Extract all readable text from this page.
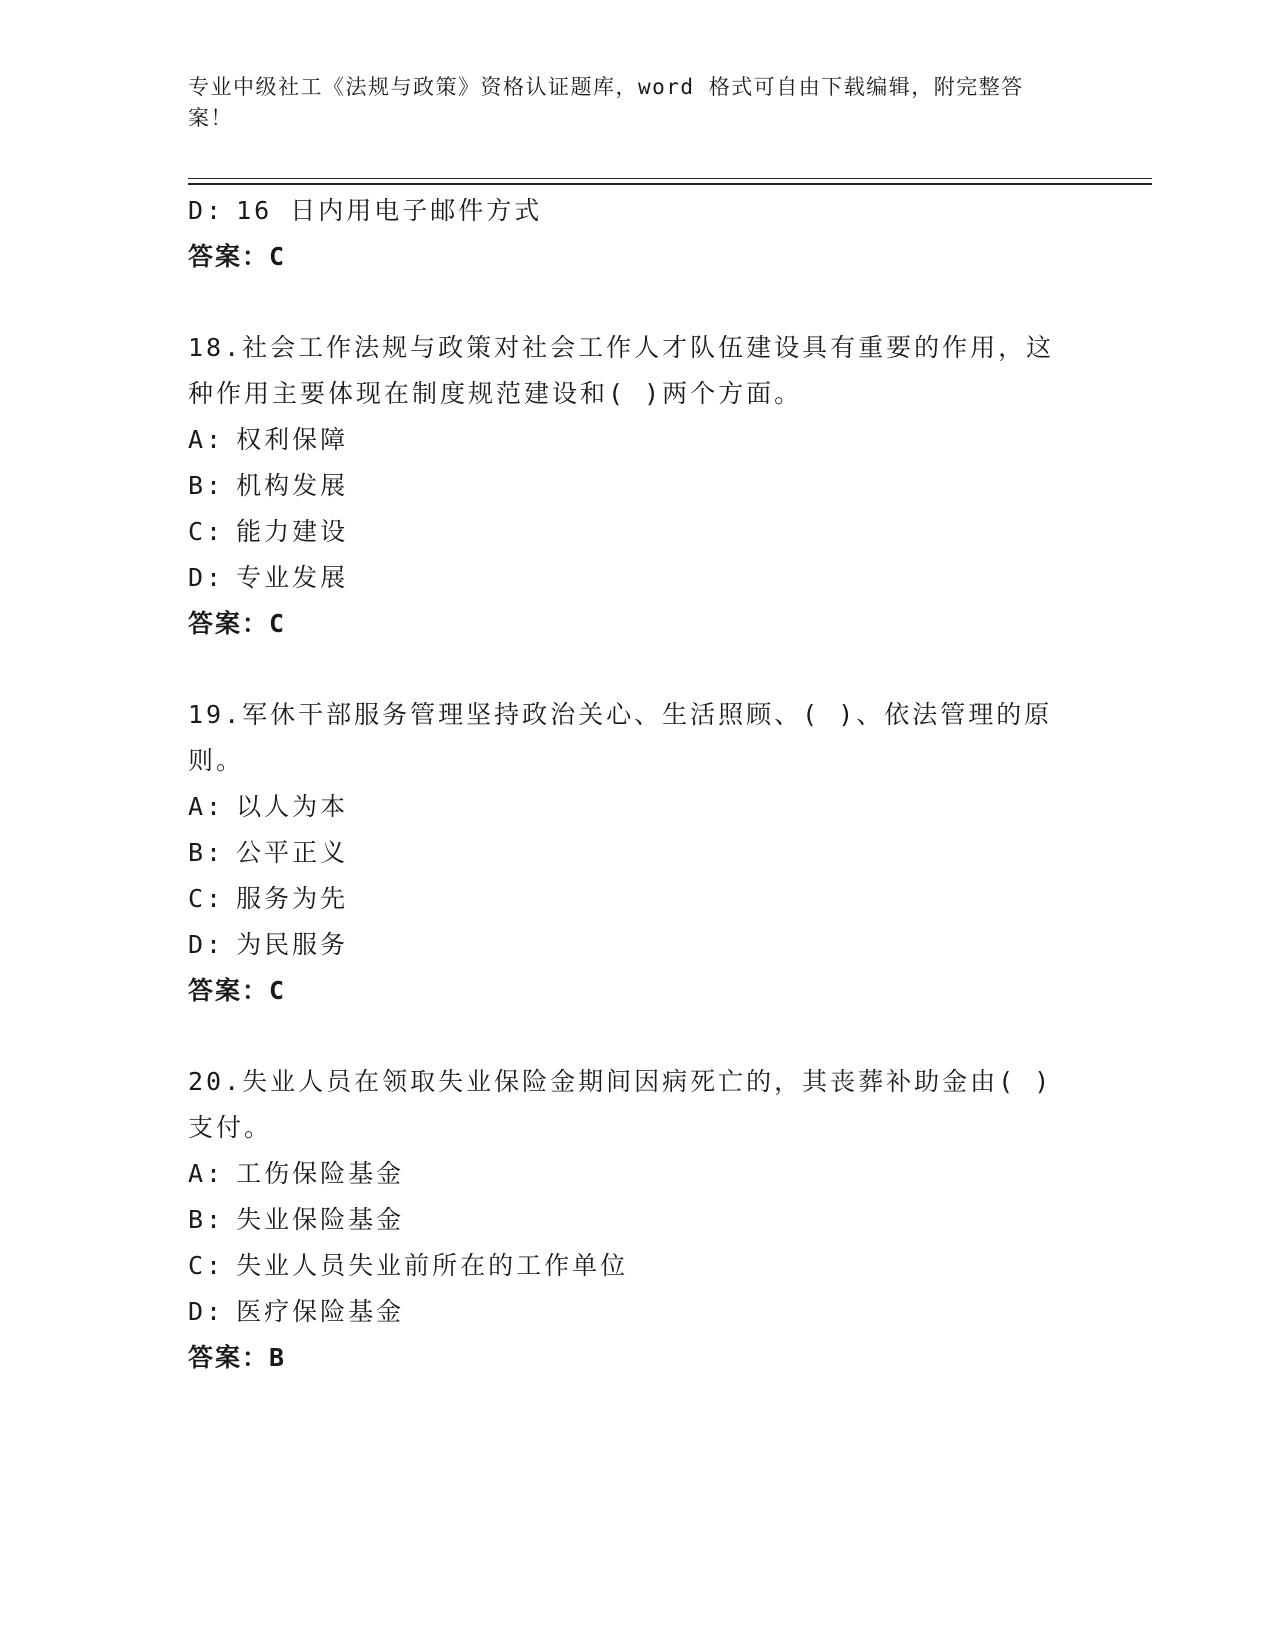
专业中级社工《法规与政策》资格认证题库，word 格式可自由下载编辑，附完整答案！
D: 16 日内用电子邮件方式
答案：C
18.社会工作法规与政策对社会工作人才队伍建设具有重要的作用，这种作用主要体现在制度规范建设和( )两个方面。
A: 权利保障
B: 机构发展
C: 能力建设
D: 专业发展
答案：C
19.军休干部服务管理坚持政治关心、生活照顾、( )、依法管理的原则。
A: 以人为本
B: 公平正义
C: 服务为先
D: 为民服务
答案：C
20.失业人员在领取失业保险金期间因病死亡的，其丧葬补助金由( )支付。
A: 工伤保险基金
B: 失业保险基金
C: 失业人员失业前所在的工作单位
D: 医疗保险基金
答案：B
